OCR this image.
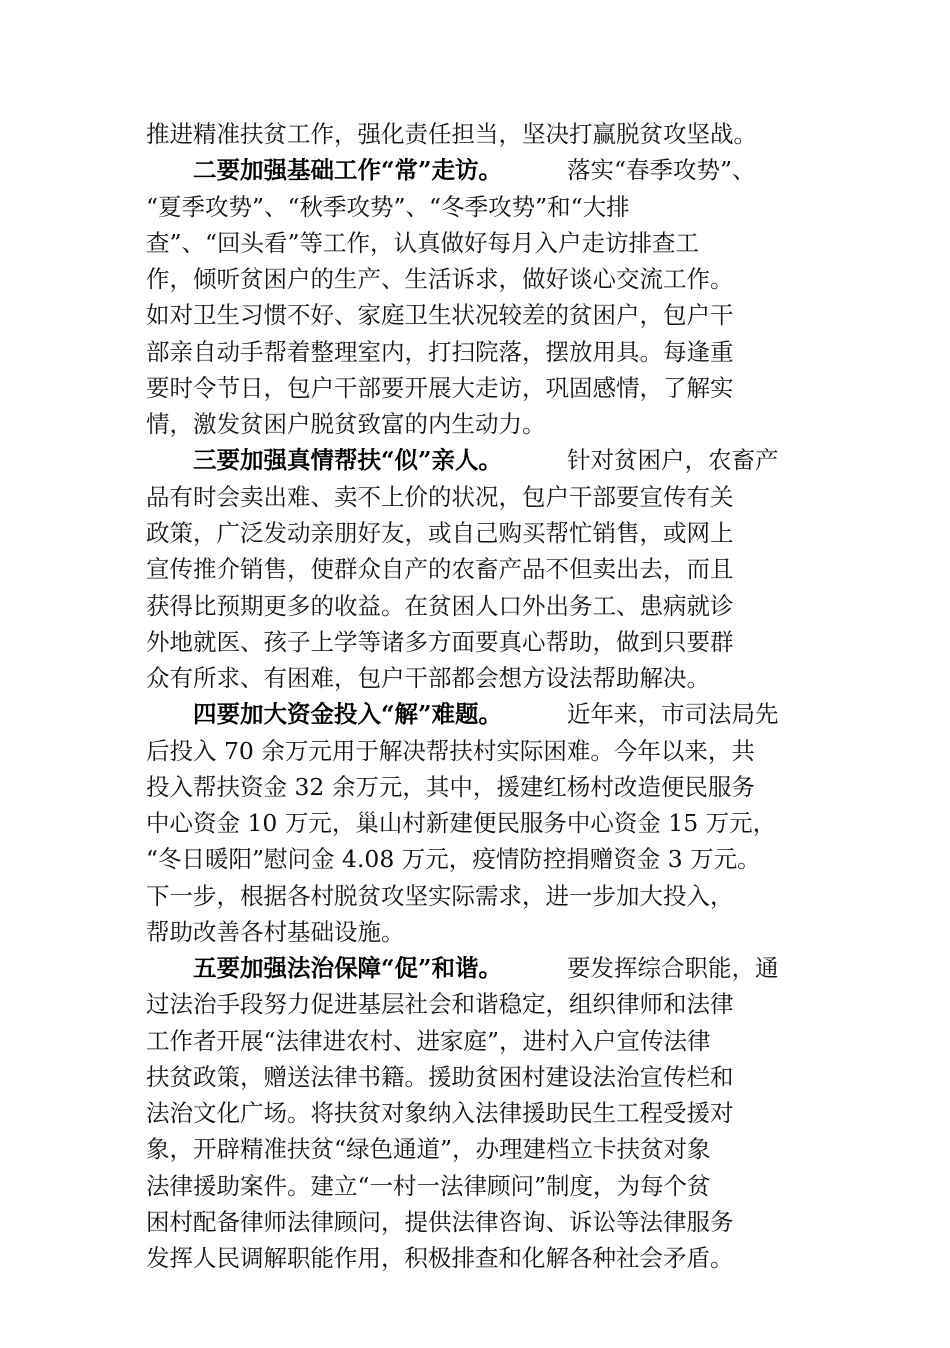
推进精准扶贫工作，强化责任担当，坚决打赢脱贫攻坚战。

二要加强基础工作“常”走访。

	落实“春季攻势”、

“夏季攻势”、“秋季攻势”、“冬季攻势”和“大排

查”、“回头看”等工作，认真做好每月入户走访排查工

作，倾听贫困户的生产、生活诉求，做好谈心交流工作。

如对卫生习惯不好、家庭卫生状况较差的贫困户，包户干

部亲自动手帮着整理室内，打扫院落，摆放用具。每逢重

要时令节日，包户干部要开展大走访，巩固感情，了解实

情，激发贫困户脱贫致富的内生动力。

三要加强真情帮扶“似”亲人。

	针对贫困户，农畜产

品有时会卖出难、卖不上价的状况，包户干部要宣传有关

政策，广泛发动亲朋好友，或自己购买帮忙销售，或网上

宣传推介销售，使群众自产的农畜产品不但卖出去，而且

获得比预期更多的收益。在贫困人口外出务工、患病就诊

外地就医、孩子上学等诸多方面要真心帮助，做到只要群

众有所求、有困难，包户干部都会想方设法帮助解决。

四要加大资金投入“解”难题。

	近年来，市司法局先

后投入 70 余万元用于解决帮扶村实际困难。今年以来，共

投入帮扶资金 32 余万元，其中，援建红杨村改造便民服务

中心资金 10 万元，巢山村新建便民服务中心资金 15 万元，

“冬日暖阳”慰问金 4.08 万元，疫情防控捐赠资金 3 万元。

下一步，根据各村脱贫攻坚实际需求，进一步加大投入，

帮助改善各村基础设施。

五要加强法治保障“促”和谐。

	要发挥综合职能，通

过法治手段努力促进基层社会和谐稳定，组织律师和法律

工作者开展“法律进农村、进家庭”，进村入户宣传法律

扶贫政策，赠送法律书籍。援助贫困村建设法治宣传栏和

法治文化广场。将扶贫对象纳入法律援助民生工程受援对

象，开辟精准扶贫“绿色通道”，办理建档立卡扶贫对象

法律援助案件。建立“一村一法律顾问”制度，为每个贫

困村配备律师法律顾问，提供法律咨询、诉讼等法律服务

发挥人民调解职能作用，积极排查和化解各种社会矛盾。
